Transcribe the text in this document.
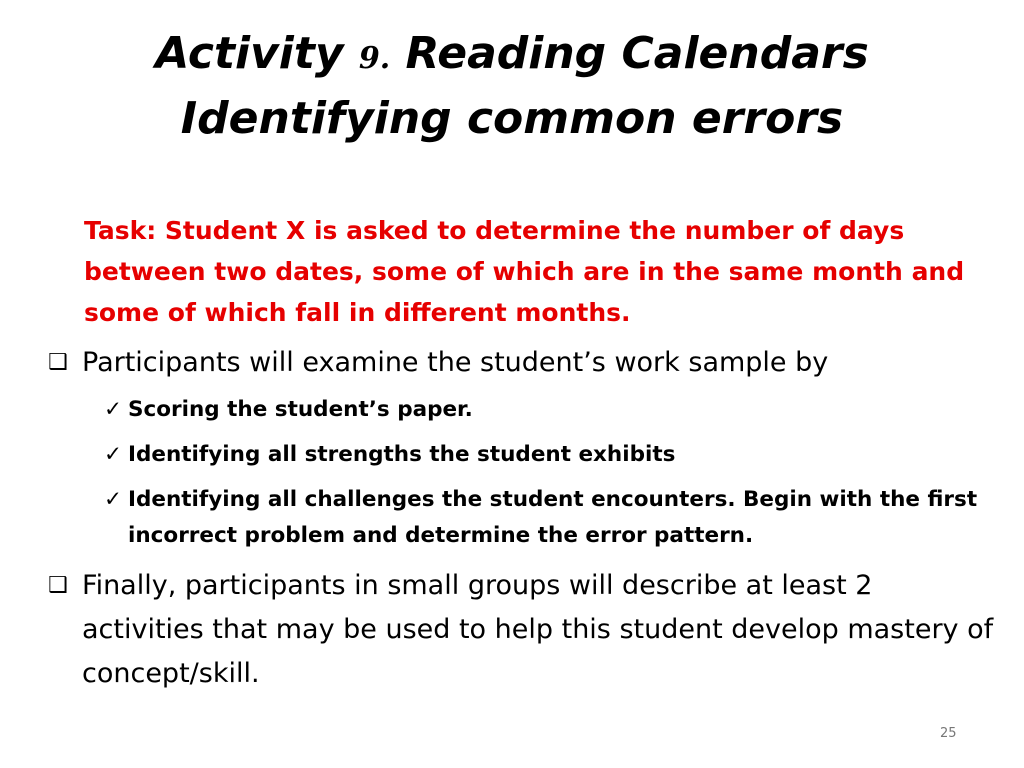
Activity 9. Reading Calendars
Identifying common errors
Task: Student X is asked to determine the number of days between two dates, some of which are in the same month and some of which fall in different months.
❑ Participants will examine the student’s work sample by
✓ Scoring the student’s paper.
✓ Identifying all strengths the student exhibits
✓ Identifying all challenges the student encounters. Begin with the first incorrect problem and determine the error pattern.
❑ Finally, participants in small groups will describe at least 2 activities that may be used to help this student develop mastery of concept/skill.
25
